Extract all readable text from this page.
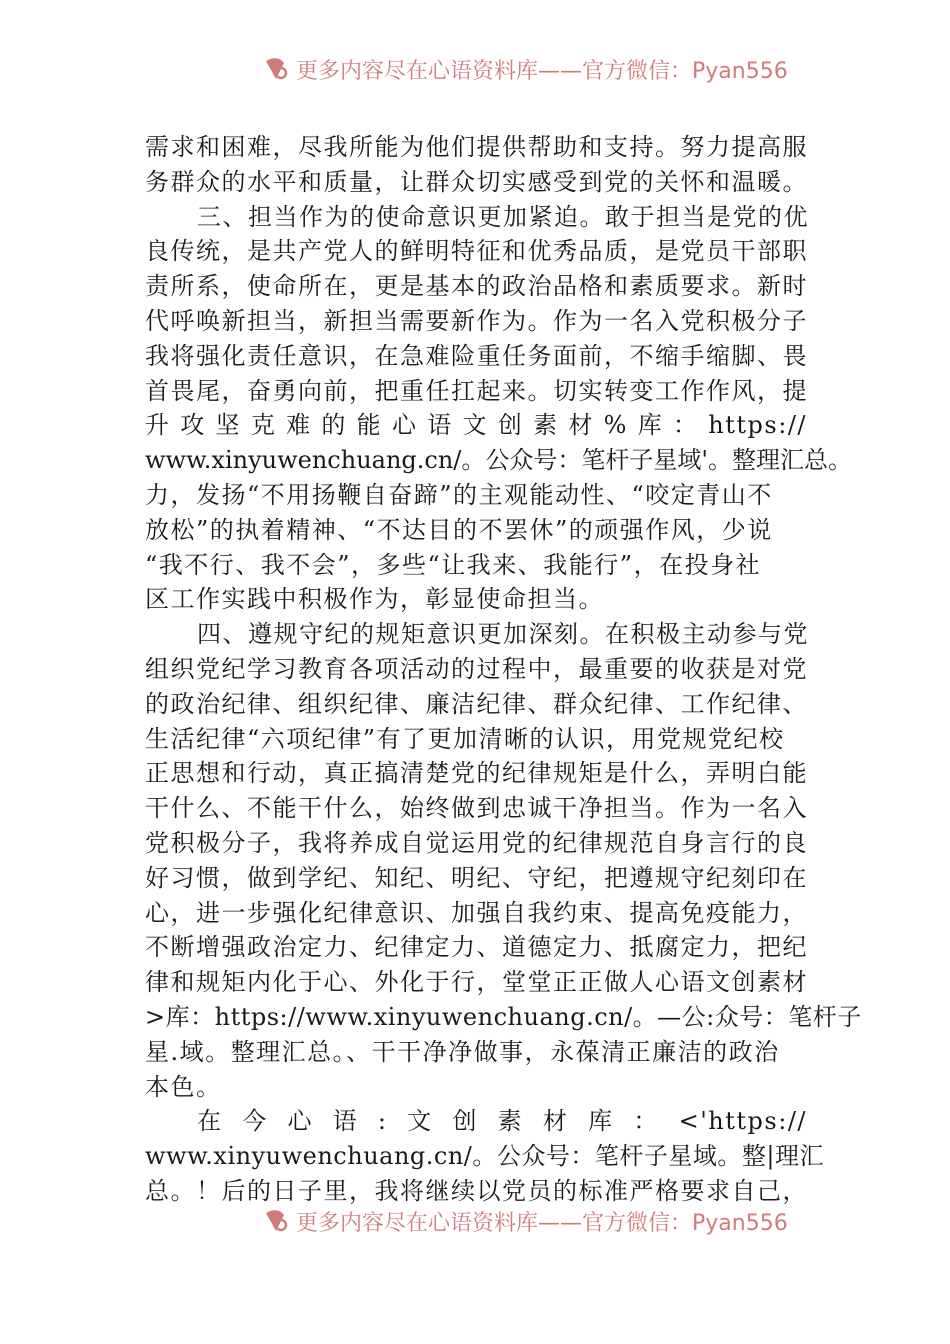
更多内容尽在心语资料库——官方微信：Pyan556
需求和困难，尽我所能为他们提供帮助和支持。努力提高服
务群众的水平和质量，让群众切实感受到党的关怀和温暖。
三、担当作为的使命意识更加紧迫。敢于担当是党的优
良传统，是共产党人的鲜明特征和优秀品质，是党员干部职
责所系，使命所在，更是基本的政治品格和素质要求。新时
代呼唤新担当，新担当需要新作为。作为一名入党积极分子
我将强化责任意识，在急难险重任务面前，不缩手缩脚、畏
首畏尾，奋勇向前，把重任扛起来。切实转变工作作风，提
升攻坚克难的能心语文创素材%库：https://
www.xinyuwenchuang.cn/。公众号：笔杆子星域'。整理汇总。
力，发扬“不用扬鞭自奋蹄”的主观能动性、“咬定青山不
放松”的执着精神、“不达目的不罢休”的顽强作风，少说
“我不行、我不会”，多些“让我来、我能行”，在投身社
区工作实践中积极作为，彰显使命担当。
四、遵规守纪的规矩意识更加深刻。在积极主动参与党
组织党纪学习教育各项活动的过程中，最重要的收获是对党
的政治纪律、组织纪律、廉洁纪律、群众纪律、工作纪律、
生活纪律“六项纪律”有了更加清晰的认识，用党规党纪校
正思想和行动，真正搞清楚党的纪律规矩是什么，弄明白能
干什么、不能干什么，始终做到忠诚干净担当。作为一名入
党积极分子，我将养成自觉运用党的纪律规范自身言行的良
好习惯，做到学纪、知纪、明纪、守纪，把遵规守纪刻印在
心，进一步强化纪律意识、加强自我约束、提高免疫能力，
不断增强政治定力、纪律定力、道德定力、抵腐定力，把纪
律和规矩内化于心、外化于行，堂堂正正做人心语文创素材
>库：https://www.xinyuwenchuang.cn/。—公:众号：笔杆子
星.域。整理汇总。、干干净净做事，永葆清正廉洁的政治
本色。
在今心语:文创素材库：<'https://
www.xinyuwenchuang.cn/。公众号：笔杆子星域。整|理汇
总。！后的日子里，我将继续以党员的标准严格要求自己，
更多内容尽在心语资料库——官方微信：Pyan556
